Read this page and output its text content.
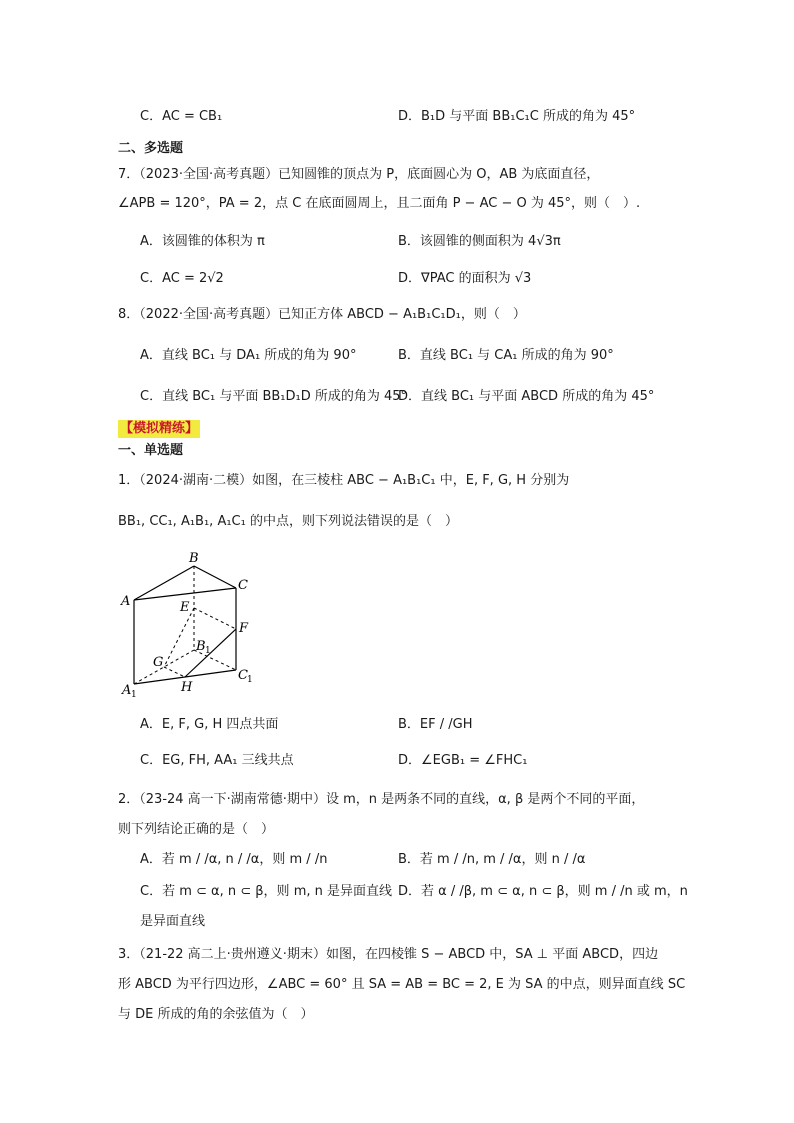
C．AC = CB₁	D．B₁D 与平面 BB₁C₁C 所成的角为 45°
二、多选题
7．（2023·全国·高考真题）已知圆锥的顶点为 P，底面圆心为 O，AB 为底面直径，
∠APB = 120°，PA = 2，点 C 在底面圆周上，且二面角 P − AC − O 为 45°，则（　）.
A．该圆锥的体积为 π	B．该圆锥的侧面积为 4√3π
C．AC = 2√2	D．∇PAC 的面积为 √3
8．（2022·全国·高考真题）已知正方体 ABCD − A₁B₁C₁D₁，则（　）
A．直线 BC₁ 与 DA₁ 所成的角为 90°	B．直线 BC₁ 与 CA₁ 所成的角为 90°
C．直线 BC₁ 与平面 BB₁D₁D 所成的角为 45°
D．直线 BC₁ 与平面 ABCD 所成的角为 45°
【模拟精练】
一、单选题
1．（2024·湖南·二模）如图，在三棱柱 ABC − A₁B₁C₁ 中，E, F, G, H 分别为
BB₁, CC₁, A₁B₁, A₁C₁ 的中点，则下列说法错误的是（　）
B
C
A	E
F
G
H
B 1
C 1
A 1
A．E, F, G, H 四点共面	B．EF / /GH
C．EG, FH, AA₁ 三线共点	D．∠EGB₁ = ∠FHC₁
2．（23-24 高一下·湖南常德·期中）设 m，n 是两条不同的直线，α, β 是两个不同的平面，
则下列结论正确的是（　）
A．若 m / /α, n / /α，则 m / /n	B．若 m / /n, m / /α，则 n / /α
C．若 m ⊂ α, n ⊂ β，则 m, n 是异面直线 D．若 α / /β, m ⊂ α, n ⊂ β，则 m / /n 或 m，n
是异面直线
3．（21-22 高二上·贵州遵义·期末）如图，在四棱锥 S − ABCD 中，SA ⊥ 平面 ABCD，四边
形 ABCD 为平行四边形，∠ABC = 60° 且 SA = AB = BC = 2, E 为 SA 的中点，则异面直线 SC
与 DE 所成的角的余弦值为（　）
